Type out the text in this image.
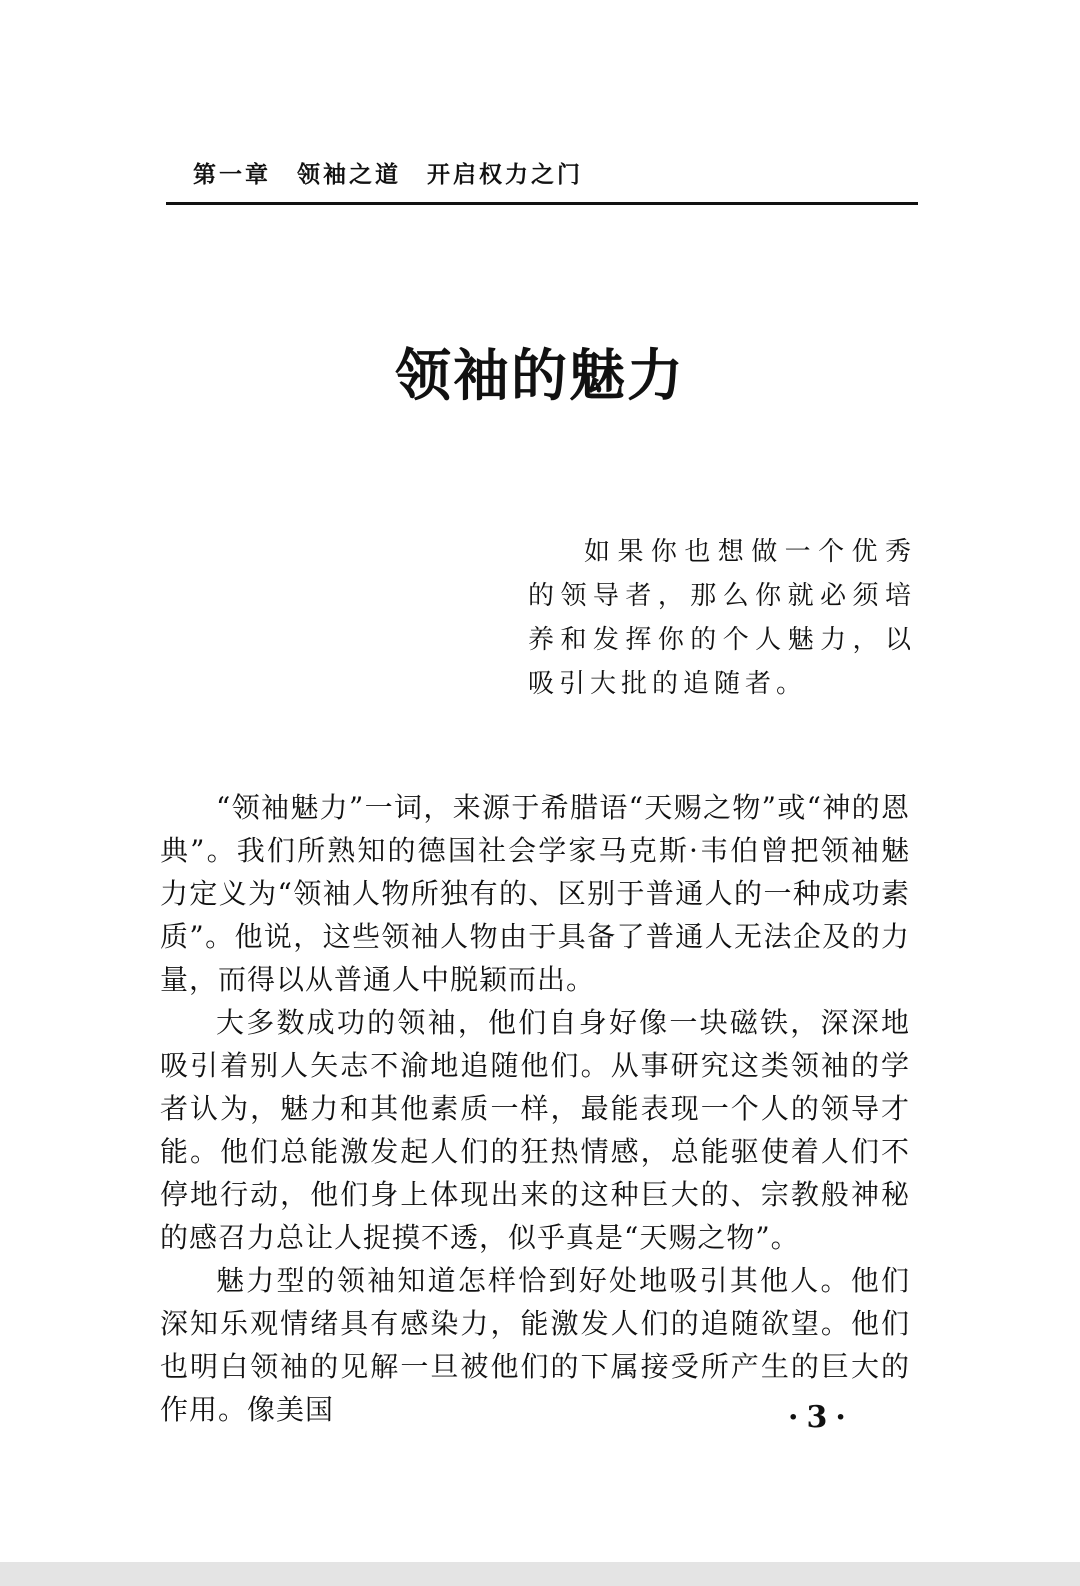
第一章 领袖之道 开启权力之门
领袖的魅力

如果你也想做一个优秀的领导者，那么你就必须培养和发挥你的个人魅力，以吸引大批的追随者。

“领袖魅力”一词，来源于希腊语“天赐之物”或“神的恩典”。我们所熟知的德国社会学家马克斯·韦伯曾把领袖魅力定义为“领袖人物所独有的、区别于普通人的一种成功素质”。他说，这些领袖人物由于具备了普通人无法企及的力量，而得以从普通人中脱颖而出。

大多数成功的领袖，他们自身好像一块磁铁，深深地吸引着别人矢志不渝地追随他们。从事研究这类领袖的学者认为，魅力和其他素质一样，最能表现一个人的领导才能。他们总能激发起人们的狂热情感，总能驱使着人们不停地行动，他们身上体现出来的这种巨大的、宗教般神秘的感召力总让人捉摸不透，似乎真是“天赐之物”。

魅力型的领袖知道怎样恰到好处地吸引其他人。他们深知乐观情绪具有感染力，能激发人们的追随欲望。他们也明白领袖的见解一旦被他们的下属接受所产生的巨大的作用。像美国	·3·
